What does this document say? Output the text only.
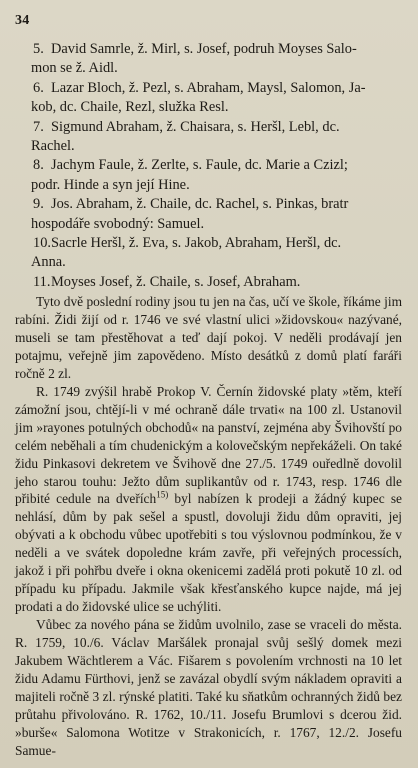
34
5. David Samrle, ž. Mirl, s. Josef, podruh Moyses Salo-
mon se ž. Aidl.
6. Lazar Bloch, ž. Pezl, s. Abraham, Maysl, Salomon, Ja-
kob, dc. Chaile, Rezl, služka Resl.
7. Sigmund Abraham, ž. Chaisara, s. Heršl, Lebl, dc.
Rachel.
8. Jachym Faule, ž. Zerlte, s. Faule, dc. Marie a Czizl;
podr. Hinde a syn její Hine.
9. Jos. Abraham, ž. Chaile, dc. Rachel, s. Pinkas, bratr
hospodáře svobodný: Samuel.
10. Sacrle Heršl, ž. Eva, s. Jakob, Abraham, Heršl, dc.
Anna.
11. Moyses Josef, ž. Chaile, s. Josef, Abraham.

Tyto dvě poslední rodiny jsou tu jen na čas, učí ve škole, říkáme jim rabíni. Židi žijí od r. 1746 ve své vlastní ulici »židovskou« nazývané, museli se tam přestěhovat a teď dají pokoj. V neděli prodávají jen potajmu, veřejně jim zapovědeno. Místo desátků z domů platí faráři ročně 2 zl.

R. 1749 zvýšil hrabě Prokop V. Černín židovské platy »těm, kteří zámožní jsou, chtějí-li v mé ochraně dále trvati« na 100 zl. Ustanovil jim »rayones potulných obchodů« na panství, zejména aby Švihovští po celém neběhali a tím chudenickým a kolovečským nepřekáželi. On také židu Pinkasovi dekretem ve Švihově dne 27./5. 1749 ouředlně dovolil jeho starou touhu: Ježto dům suplikantův od r. 1743, resp. 1746 dle přibité cedule na dveřích$^{15)}$ byl nabízen k prodeji a žádný kupec se nehlásí, dům by pak sešel a spustl, dovoluji židu dům opraviti, jej obývati a k obchodu vůbec upotřebiti s tou výslovnou podmínkou, že v neděli a ve svátek dopoledne krám zavře, při veřejných processích, jakož i při pohřbu dveře i okna okenicemi zadělá proti pokutě 10 zl. od případu ku případu. Jakmile však křesťanského kupce najde, má jej prodati a do židovské ulice se uchýliti.

Vůbec za nového pána se židům uvolnilo, zase se vraceli do města. R. 1759, 10./6. Václav Maršálek pronajal svůj sešlý domek mezi Jakubem Wächtlerem a Vác. Fišarem s povolením vrchnosti na 10 let židu Adamu Fürthovi, jenž se zavázal obydlí svým nákladem opraviti a majiteli ročně 3 zl. rýnské platiti. Také ku sňatkům ochranných židů bez průtahu přivolováno. R. 1762, 10./11. Josefu Brumlovi s dcerou žid. »burše« Salomona Wotitze v Strakonicích, r. 1767, 12./2. Josefu Samue-
